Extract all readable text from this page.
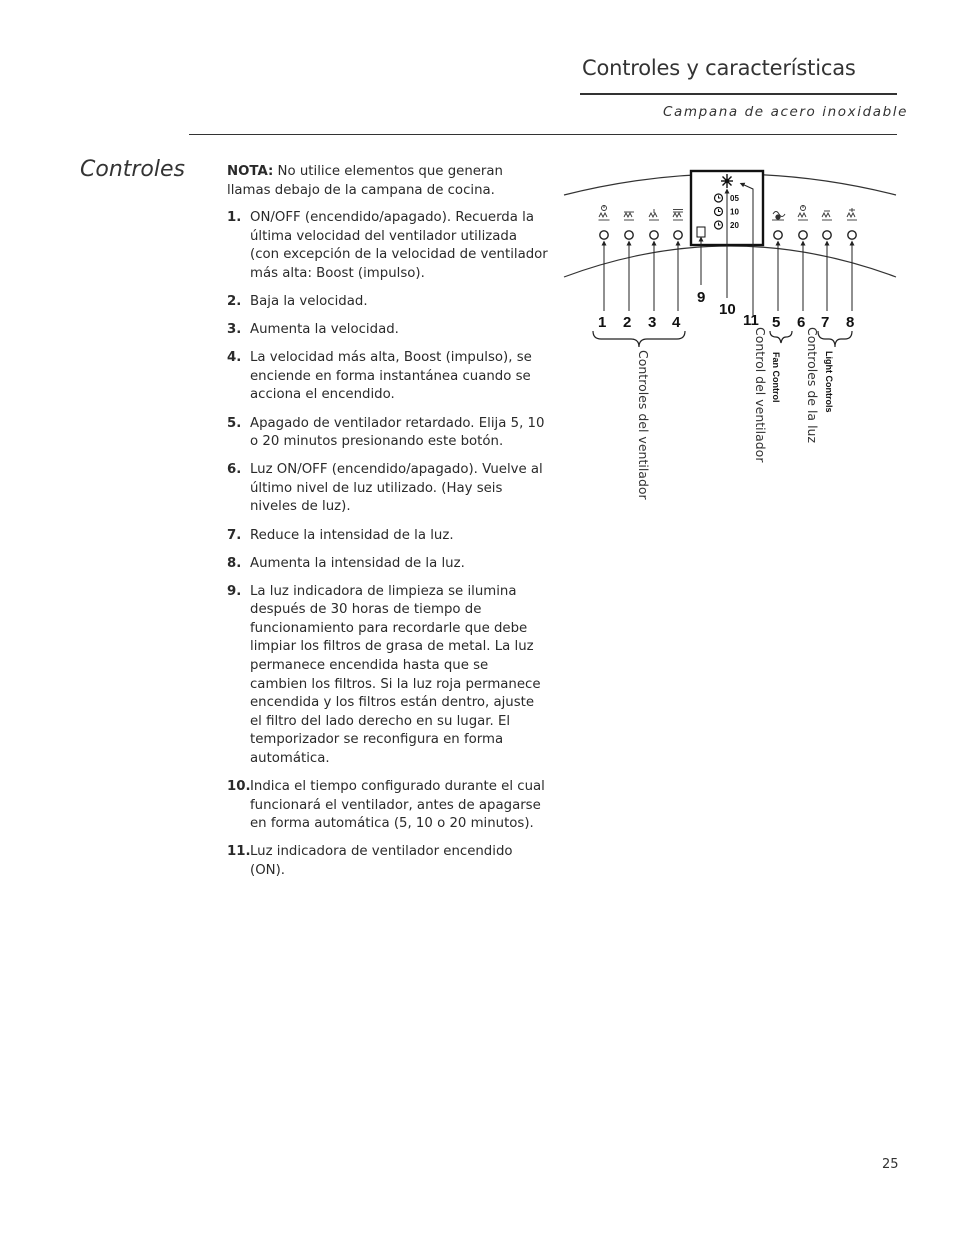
Controles y características
Campana de acero inoxidable
Controles	NOTA: No utilice elementos que generan llamas debajo de la campana de cocina.

1. ON/OFF (encendido/apagado). Recuerda la última velocidad del ventilador utilizada (con excepción de la velocidad de ventilador más alta: Boost (impulso).
2. Baja la velocidad.
3. Aumenta la velocidad.
4. La velocidad más alta, Boost (impulso), se enciende en forma instantánea cuando se acciona el encendido.
5. Apagado de ventilador retardado. Elija 5, 10 o 20 minutos presionando este botón.
6. Luz ON/OFF (encendido/apagado). Vuelve al último nivel de luz utilizado. (Hay seis niveles de luz).
7. Reduce la intensidad de la luz.
8. Aumenta la intensidad de la luz.
9. La luz indicadora de limpieza se ilumina después de 30 horas de tiempo de funcionamiento para recordarle que debe limpiar los filtros de grasa de metal. La luz permanece encendida hasta que se cambien los filtros. Si la luz roja permanece encendida y los filtros están dentro, ajuste el filtro del lado derecho en su lugar. El temporizador se reconfigura en forma automática.
10. Indica el tiempo configurado durante el cual funcionará el ventilador, antes de apagarse en forma automática (5, 10 o 20 minutos).
11. Luz indicadora de ventilador encendido (ON).
05
10
20
1 2 3 4	5 6 7 8
9
10
11
Controles del ventilador	Control del ventilador Fan Control Controles de la luz Light Controls
25
